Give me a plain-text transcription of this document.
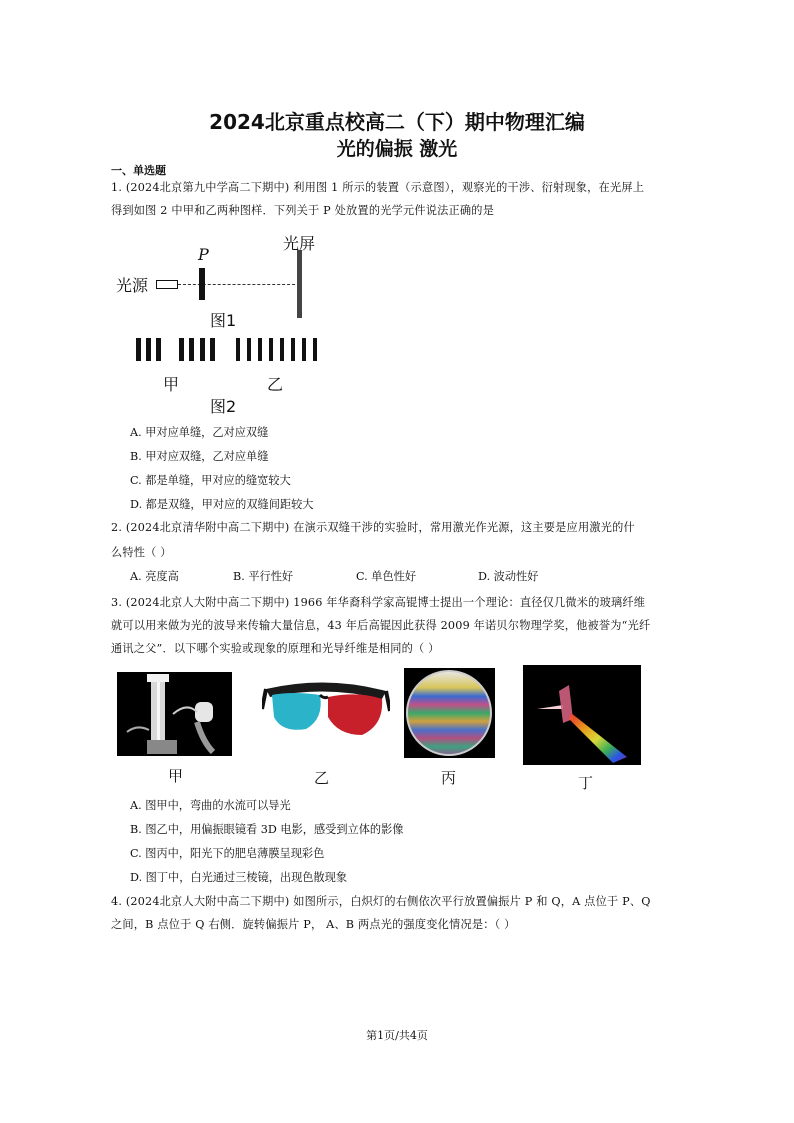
2024北京重点校高二（下）期中物理汇编
光的偏振 激光
一、单选题
1. (2024北京第九中学高二下期中) 利用图 1 所示的装置（示意图），观察光的干涉、衍射现象，在光屏上
得到如图 2 中甲和乙两种图样．下列关于 P 处放置的光学元件说法正确的是
光源
P
光屏
图1
甲	乙
图2
A. 甲对应单缝，乙对应双缝
B. 甲对应双缝，乙对应单缝
C. 都是单缝，甲对应的缝宽较大
D. 都是双缝，甲对应的双缝间距较大
2. (2024北京清华附中高二下期中) 在演示双缝干涉的实验时，常用激光作光源，这主要是应用激光的什
么特性（ ）
A. 亮度高	B. 平行性好	C. 单色性好	D. 波动性好
3. (2024北京人大附中高二下期中) 1966 年华裔科学家高锟博士提出一个理论：直径仅几微米的玻璃纤维
就可以用来做为光的波导来传输大量信息，43 年后高锟因此获得 2009 年诺贝尔物理学奖，他被誉为“光纤
通讯之父”．以下哪个实验或现象的原理和光导纤维是相同的（ ）
甲	乙	丙	丁
A. 图甲中，弯曲的水流可以导光
B. 图乙中，用偏振眼镜看 3D 电影，感受到立体的影像
C. 图丙中，阳光下的肥皂薄膜呈现彩色
D. 图丁中，白光通过三棱镜，出现色散现象
4. (2024北京人大附中高二下期中) 如图所示，白炽灯的右侧依次平行放置偏振片 P 和 Q，A 点位于 P、Q
之间，B 点位于 Q 右侧．旋转偏振片 P， A、B 两点光的强度变化情况是：（ ）
第1页/共4页
